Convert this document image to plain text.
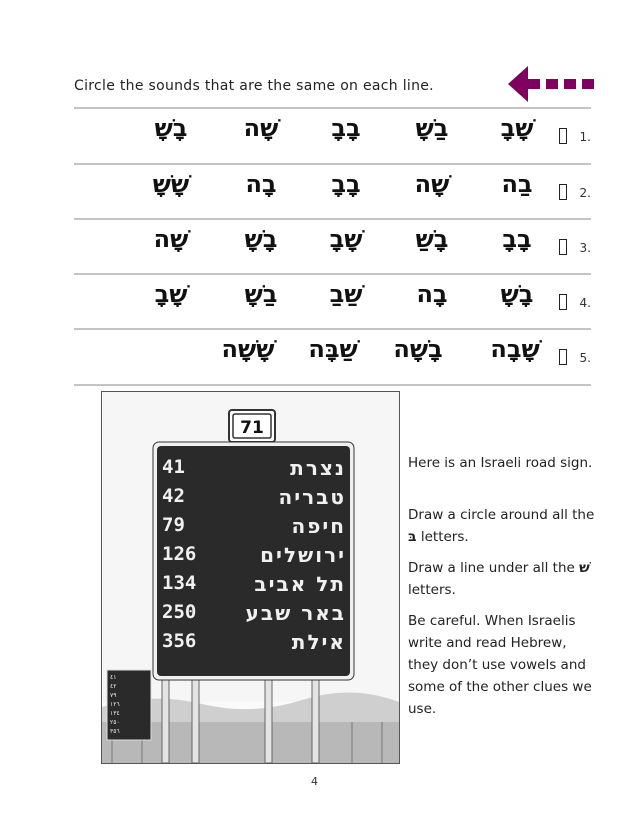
Circle the sounds that are the same on each line.
1.
שָׁבָ
בַשָׁ
בָבָ
שָׁה
בָשָׁ
2.
בַה
שָׁה
בָבָ
בָה
שָׁשָׁ
3.
בָבָ
בָשַׁ
שָׁבָ
בָשָׁ
שָׁה
4.
בָשָׁ
בָה
שַׁבַ
בַשָׁ
שָׁבָ
5.
שָׁבָה
בָשָׁה
שַׁבָּה
שָׁשָׁה
71
41	נצרת
42	טבריה
79	חיפה
126	ירושלים
134	תל אביב
250 באר שבע
356	אילת
٤١
٤٢
٧٩
١٢٦
١٣٤
٢٥٠
٣٥٦

Here is an Israeli road sign.

Draw a circle around all the בּ letters.

Draw a line under all the שׁ letters.

Be careful. When Israelis write and read Hebrew, they don’t use vowels and some of the other clues we use.

4
